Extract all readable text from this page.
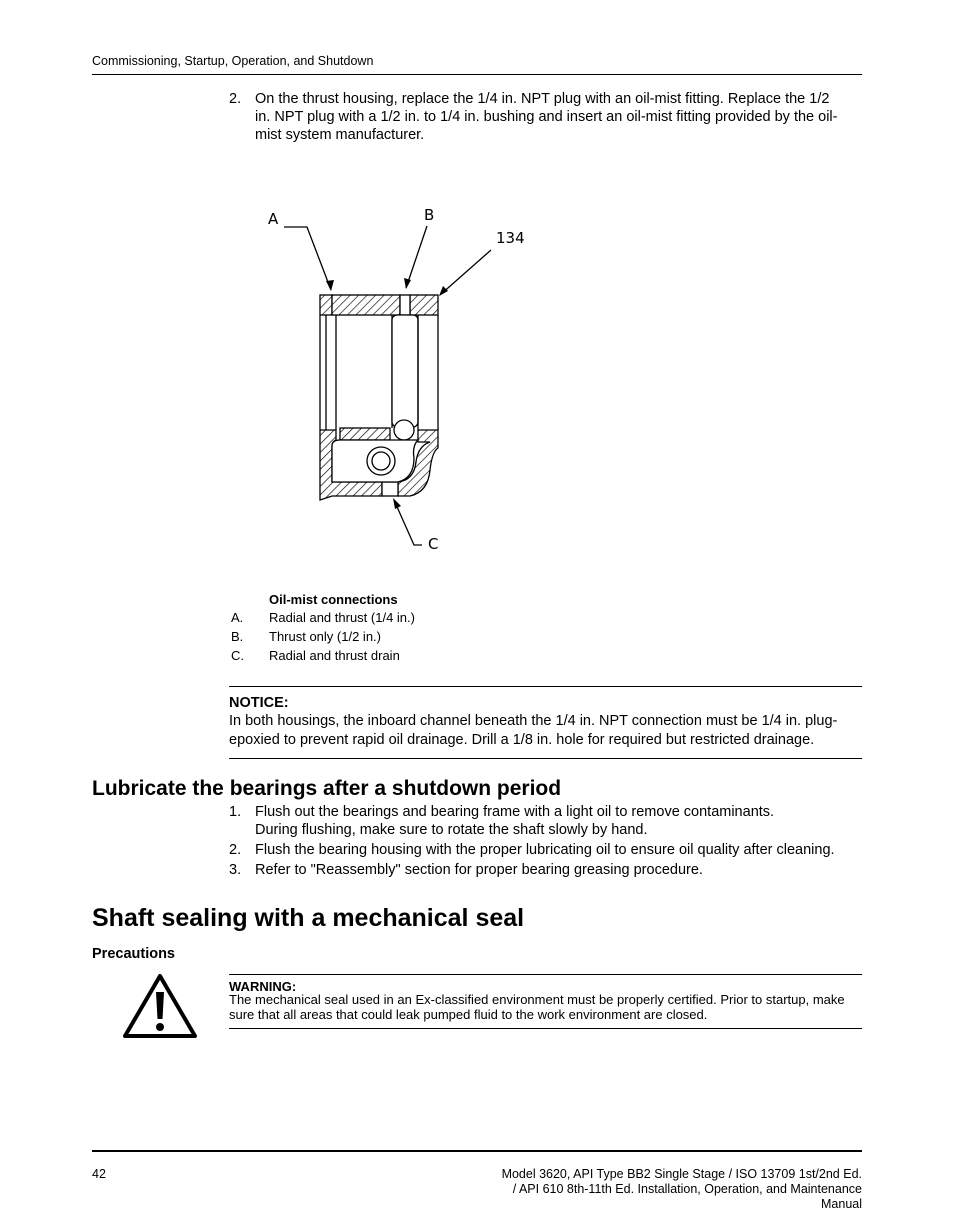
Commissioning, Startup, Operation, and Shutdown
2. On the thrust housing, replace the 1/4 in. NPT plug with an oil-mist fitting. Replace the 1/2
in. NPT plug with a 1/2 in. to 1/4 in. bushing and insert an oil-mist fitting provided by the oil-
mist system manufacturer.
A	B
134
C
Oil-mist connections
A. Radial and thrust (1/4 in.)
B. Thrust only (1/2 in.)
C. Radial and thrust drain
NOTICE:
In both housings, the inboard channel beneath the 1/4 in. NPT connection must be 1/4 in. plug-epoxied to prevent rapid oil drainage. Drill a 1/8 in. hole for required but restricted drainage.
Lubricate the bearings after a shutdown period
1. Flush out the bearings and bearing frame with a light oil to remove contaminants.
During flushing, make sure to rotate the shaft slowly by hand.
2. Flush the bearing housing with the proper lubricating oil to ensure oil quality after cleaning.
3. Refer to "Reassembly" section for proper bearing greasing procedure.
Shaft sealing with a mechanical seal
Precautions
WARNING:
The mechanical seal used in an Ex-classified environment must be properly certified. Prior to startup, make sure that all areas that could leak pumped fluid to the work environment are closed.
42	Model 3620, API Type BB2 Single Stage / ISO 13709 1st/2nd Ed. / API 610 8th-11th Ed. Installation, Operation, and Maintenance Manual
